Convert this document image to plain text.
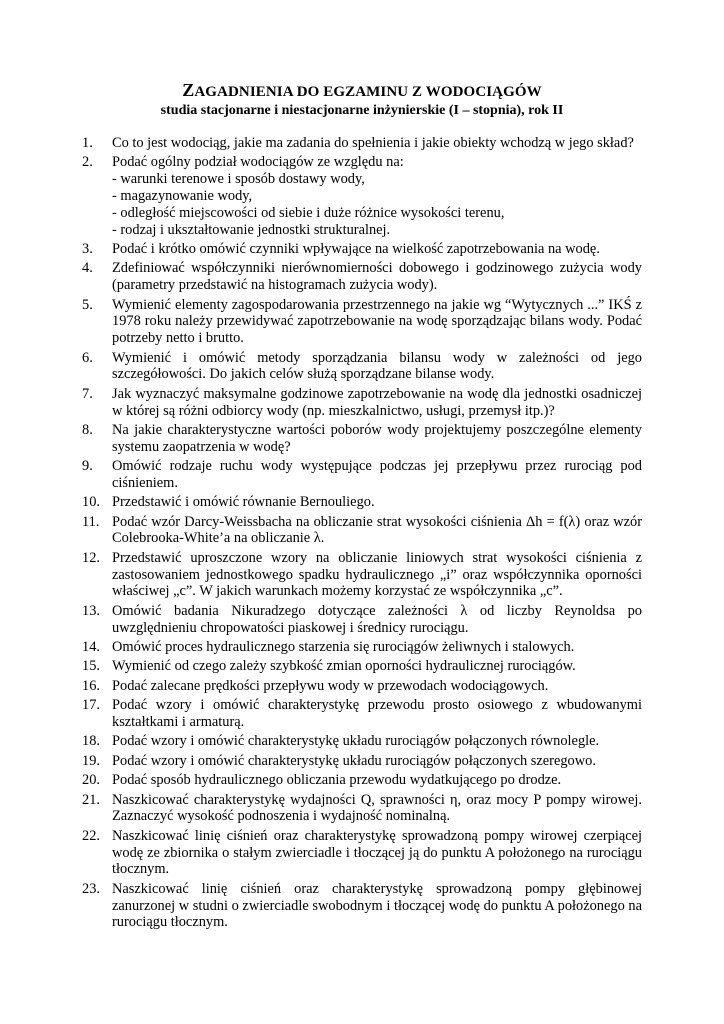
ZAGADNIENIA DO EGZAMINU Z WODOCIĄGÓW
studia stacjonarne i niestacjonarne inżynierskie (I – stopnia), rok II
1.	Co to jest wodociąg, jakie ma zadania do spełnienia i jakie obiekty wchodzą w jego skład?
2.	Podać ogólny podział wodociągów ze względu na:
- warunki terenowe i sposób dostawy wody,
- magazynowanie wody,
- odległość miejscowości od siebie i duże różnice wysokości terenu,
- rodzaj i ukształtowanie jednostki strukturalnej.
3.	Podać i krótko omówić czynniki wpływające na wielkość zapotrzebowania na wodę.
4.	Zdefiniować współczynniki nierównomierności dobowego i godzinowego zużycia wody (parametry przedstawić na histogramach zużycia wody).
5.	Wymienić elementy zagospodarowania przestrzennego na jakie wg “Wytycznych ...” IKŚ z 1978 roku należy przewidywać zapotrzebowanie na wodę sporządzając bilans wody. Podać potrzeby netto i brutto.
6.	Wymienić i omówić metody sporządzania bilansu wody w zależności od jego szczegółowości. Do jakich celów służą sporządzane bilanse wody.
7.	Jak wyznaczyć maksymalne godzinowe zapotrzebowanie na wodę dla jednostki osadniczej w której są różni odbiorcy wody (np. mieszkalnictwo, usługi, przemysł itp.)?
8.	Na jakie charakterystyczne wartości poborów wody projektujemy poszczególne elementy systemu zaopatrzenia w wodę?
9.	Omówić rodzaje ruchu wody występujące podczas jej przepływu przez rurociąg pod ciśnieniem.
10. Przedstawić i omówić równanie Bernouliego.
11. Podać wzór Darcy-Weissbacha na obliczanie strat wysokości ciśnienia Δh = f(λ) oraz wzór Colebrooka-White’a na obliczanie λ.
12. Przedstawić uproszczone wzory na obliczanie liniowych strat wysokości ciśnienia z zastosowaniem jednostkowego spadku hydraulicznego „i” oraz współczynnika oporności właściwej „c”. W jakich warunkach możemy korzystać ze współczynnika „c”.
13. Omówić badania Nikuradzego dotyczące zależności λ od liczby Reynoldsa po uwzględnieniu chropowatości piaskowej i średnicy rurociągu.
14. Omówić proces hydraulicznego starzenia się rurociągów żeliwnych i stalowych.
15. Wymienić od czego zależy szybkość zmian oporności hydraulicznej rurociągów.
16. Podać zalecane prędkości przepływu wody w przewodach wodociągowych.
17. Podać wzory i omówić charakterystykę przewodu prosto osiowego z wbudowanymi kształtkami i armaturą.
18. Podać wzory i omówić charakterystykę układu rurociągów połączonych równolegle.
19. Podać wzory i omówić charakterystykę układu rurociągów połączonych szeregowo.
20. Podać sposób hydraulicznego obliczania przewodu wydatkującego po drodze.
21. Naszkicować charakterystykę wydajności Q, sprawności η, oraz mocy P pompy wirowej. Zaznaczyć wysokość podnoszenia i wydajność nominalną.
22. Naszkicować linię ciśnień oraz charakterystykę sprowadzoną pompy wirowej czerpiącej wodę ze zbiornika o stałym zwierciadle i tłoczącej ją do punktu A położonego na rurociągu tłocznym.
23. Naszkicować linię ciśnień oraz charakterystykę sprowadzoną pompy głębinowej zanurzonej w studni o zwierciadle swobodnym i tłoczącej wodę do punktu A położonego na rurociągu tłocznym.
